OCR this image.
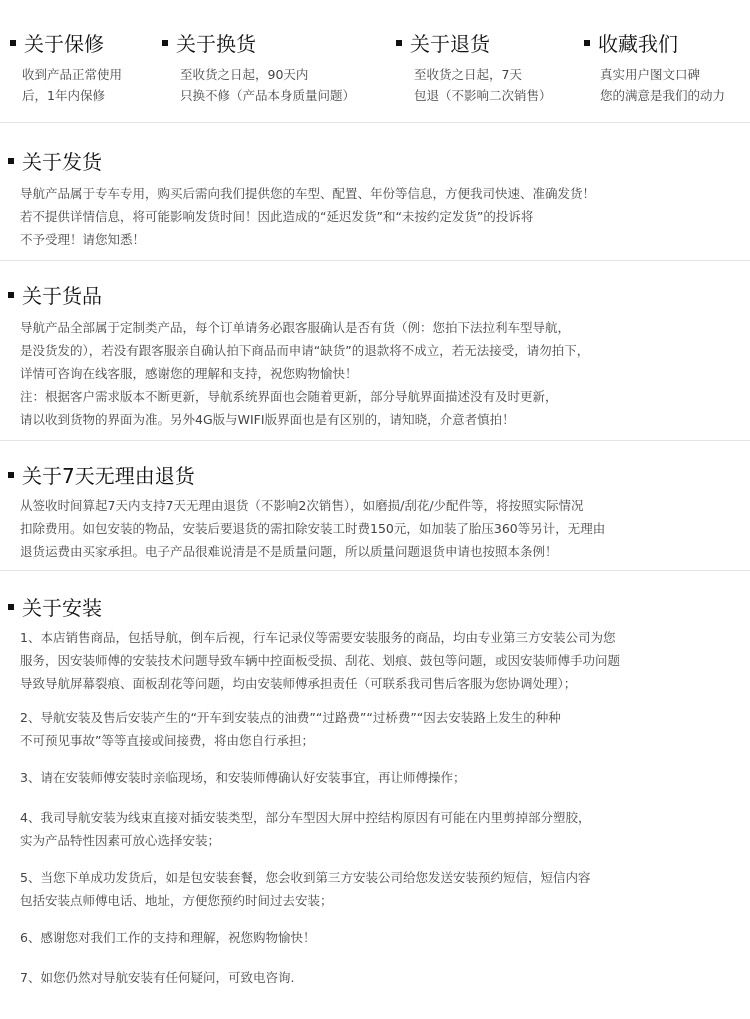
关于保修
收到产品正常使用
后，1年内保修
关于换货
至收货之日起，90天内
只换不修（产品本身质量问题）
关于退货
至收货之日起，7天
包退（不影响二次销售）
收藏我们
真实用户图文口碑
您的满意是我们的动力
关于发货
导航产品属于专车专用，购买后需向我们提供您的车型、配置、年份等信息，方便我司快速、准确发货！
若不提供详情信息，将可能影响发货时间！因此造成的“延迟发货”和“未按约定发货”的投诉将
不予受理！请您知悉！
关于货品
导航产品全部属于定制类产品，每个订单请务必跟客服确认是否有货（例：您拍下法拉利车型导航，
是没货发的），若没有跟客服亲自确认拍下商品而申请“缺货”的退款将不成立，若无法接受，请勿拍下，
详情可咨询在线客服，感谢您的理解和支持，祝您购物愉快！
注：根据客户需求版本不断更新，导航系统界面也会随着更新，部分导航界面描述没有及时更新，
请以收到货物的界面为准。另外4G版与WIFI版界面也是有区别的，请知晓，介意者慎拍！
关于7天无理由退货
从签收时间算起7天内支持7天无理由退货（不影响2次销售），如磨损/刮花/少配件等，将按照实际情况
扣除费用。如包安装的物品，安装后要退货的需扣除安装工时费150元，如加装了胎压360等另计，无理由
退货运费由买家承担。电子产品很难说清是不是质量问题，所以质量问题退货申请也按照本条例！
关于安装
1、本店销售商品，包括导航，倒车后视，行车记录仪等需要安装服务的商品，均由专业第三方安装公司为您
服务，因安装师傅的安装技术问题导致车辆中控面板受损、刮花、划痕、鼓包等问题，或因安装师傅手功问题
导致导航屏幕裂痕、面板刮花等问题，均由安装师傅承担责任（可联系我司售后客服为您协调处理）；
2、导航安装及售后安装产生的“开车到安装点的油费”“过路费”“过桥费”“因去安装路上发生的种种
不可预见事故”等等直接或间接费，将由您自行承担；
3、请在安装师傅安装时亲临现场，和安装师傅确认好安装事宜，再让师傅操作；
4、我司导航安装为线束直接对插安装类型，部分车型因大屏中控结构原因有可能在内里剪掉部分塑胶，
实为产品特性因素可放心选择安装；
5、当您下单成功发货后，如是包安装套餐，您会收到第三方安装公司给您发送安装预约短信，短信内容
包括安装点师傅电话、地址，方便您预约时间过去安装；
6、感谢您对我们工作的支持和理解，祝您购物愉快！
7、如您仍然对导航安装有任何疑问，可致电咨询.
